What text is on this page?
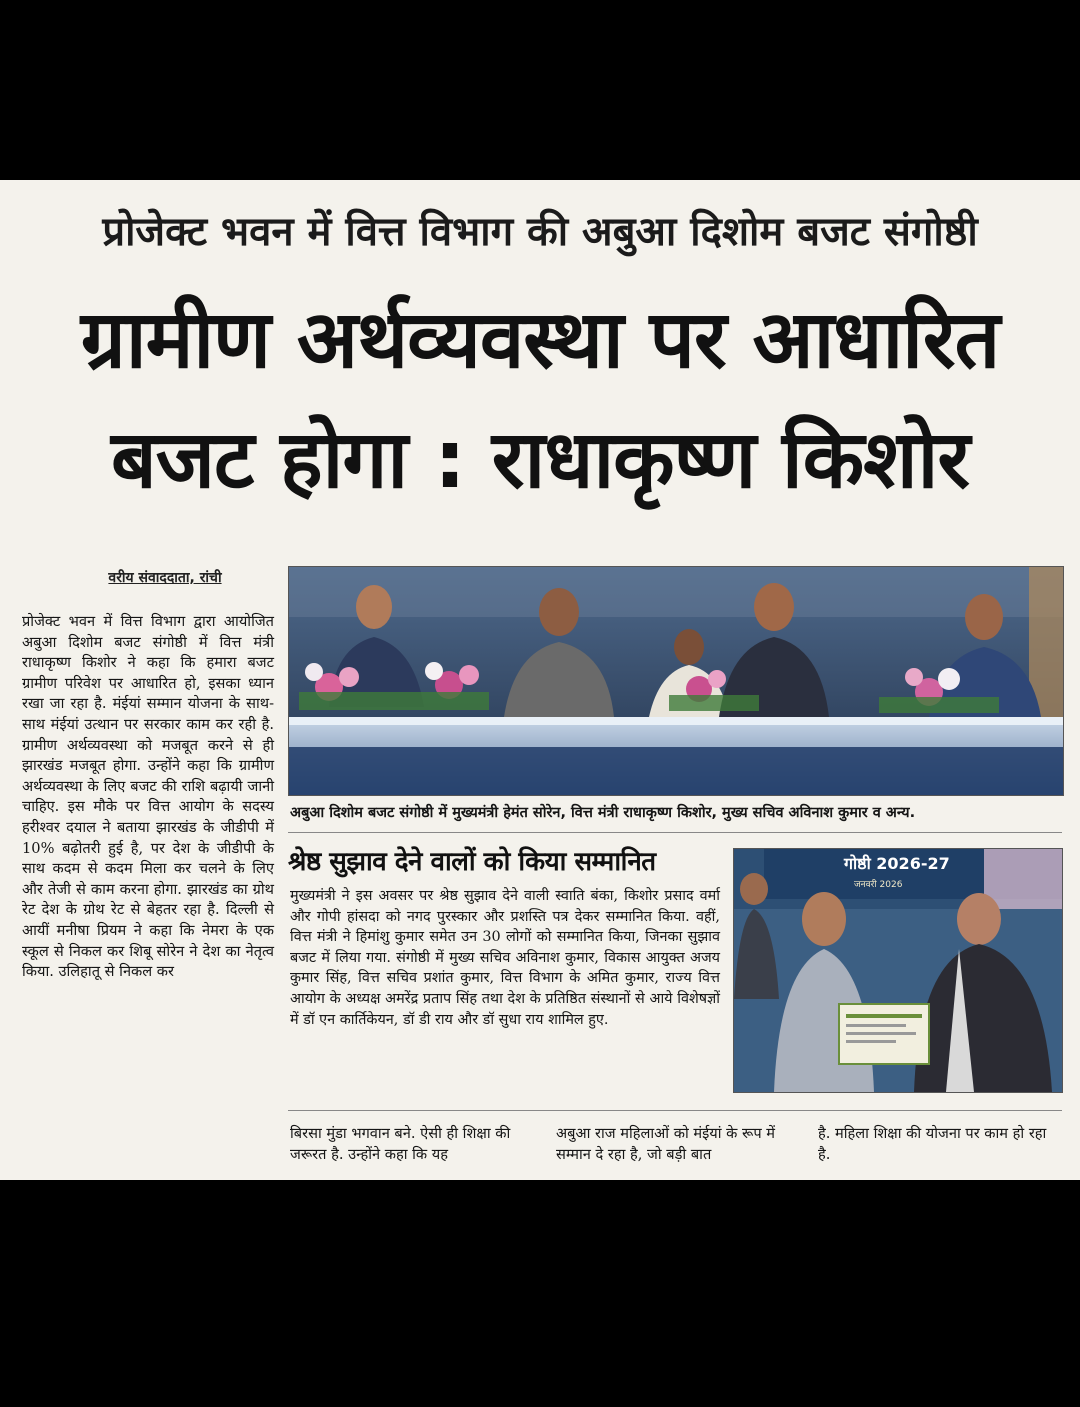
प्रोजेक्ट भवन में वित्त विभाग की अबुआ दिशोम बजट संगोष्ठी
ग्रामीण अर्थव्यवस्था पर आधारित
बजट होगा : राधाकृष्ण किशोर
वरीय संवाददाता, रांची
प्रोजेक्ट भवन में वित्त विभाग द्वारा आयोजित अबुआ दिशोम बजट संगोष्ठी में वित्त मंत्री राधाकृष्ण किशोर ने कहा कि हमारा बजट ग्रामीण परिवेश पर आधारित हो, इसका ध्यान रखा जा रहा है. मंईयां सम्मान योजना के साथ-साथ मंईयां उत्थान पर सरकार काम कर रही है. ग्रामीण अर्थव्यवस्था को मजबूत करने से ही झारखंड मजबूत होगा. उन्होंने कहा कि ग्रामीण अर्थव्यवस्था के लिए बजट की राशि बढ़ायी जानी चाहिए. इस मौके पर वित्त आयोग के सदस्य हरीश्वर दयाल ने बताया झारखंड के जीडीपी में 10% बढ़ोतरी हुई है, पर देश के जीडीपी के साथ कदम से कदम मिला कर चलने के लिए और तेजी से काम करना होगा. झारखंड का ग्रोथ रेट देश के ग्रोथ रेट से बेहतर रहा है. दिल्ली से आयीं मनीषा प्रियम ने कहा कि नेमरा के एक स्कूल से निकल कर शिबू सोरेन ने देश का नेतृत्व किया. उलिहातू से निकल कर
अबुआ दिशोम बजट संगोष्ठी में मुख्यमंत्री हेमंत सोरेन, वित्त मंत्री राधाकृष्ण किशोर, मुख्य सचिव अविनाश कुमार व अन्य.
श्रेष्ठ सुझाव देने वालों को किया सम्मानित
मुख्यमंत्री ने इस अवसर पर श्रेष्ठ सुझाव देने वाली स्वाति बंका, किशोर प्रसाद वर्मा और गोपी हांसदा को नगद पुरस्कार और प्रशस्ति पत्र देकर सम्मानित किया. वहीं, वित्त मंत्री ने हिमांशु कुमार समेत उन 30 लोगों को सम्मानित किया, जिनका सुझाव बजट में लिया गया. संगोष्ठी में मुख्य सचिव अविनाश कुमार, विकास आयुक्त अजय कुमार सिंह, वित्त सचिव प्रशांत कुमार, वित्त विभाग के अमित कुमार, राज्य वित्त आयोग के अध्यक्ष अमरेंद्र प्रताप सिंह तथा देश के प्रतिष्ठित संस्थानों से आये विशेषज्ञों में डॉ एन कार्तिकेयन, डॉ डी राय और डॉ सुधा राय शामिल हुए.
गोष्ठी 2026-27
जनवरी 2026
बिरसा मुंडा भगवान बने. ऐसी ही शिक्षा की जरूरत है. उन्होंने कहा कि यह
अबुआ राज महिलाओं को मंईयां के रूप में सम्मान दे रहा है, जो बड़ी बात
है. महिला शिक्षा की योजना पर काम हो रहा है.
